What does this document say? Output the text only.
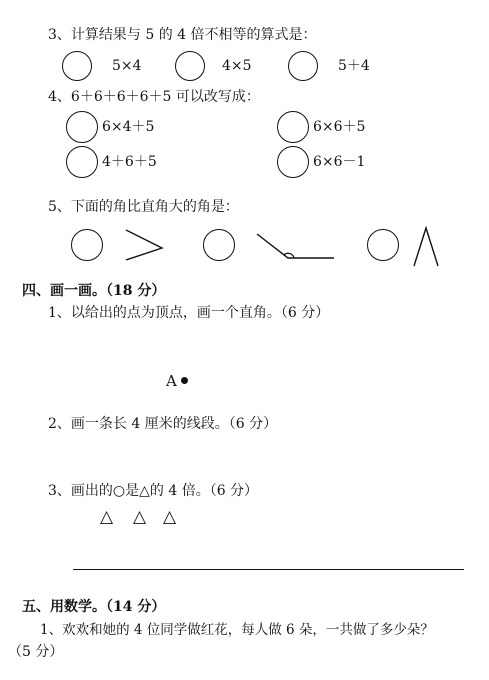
3、计算结果与 5 的 4 倍不相等的算式是：
5×4	4×5	5＋4
4、6＋6＋6＋6＋5 可以改写成：
6×4＋5	6×6＋5
4＋6＋5	6×6－1
5、下面的角比直角大的角是：
四、画一画。（18 分）
1、以给出的点为顶点，画一个直角。（6 分）
A
2、画一条长 4 厘米的线段。（6 分）
3、画出的○是△的 4 倍。（6 分）
△ △ △
五、用数学。（14 分）
1、欢欢和她的 4 位同学做红花，每人做 6 朵，一共做了多少朵？
（5 分）
